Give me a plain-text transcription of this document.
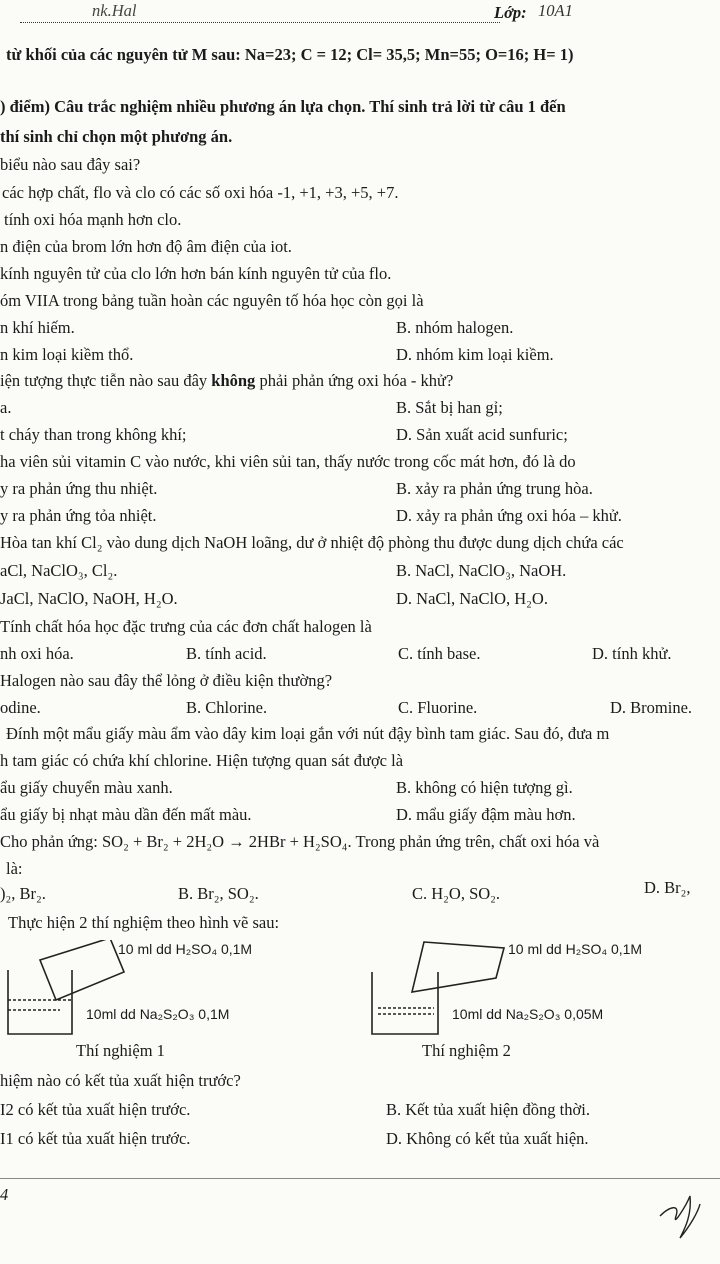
nk.Hal	Lớp: 10A1
từ khối của các nguyên tử M sau: Na=23; C = 12; Cl= 35,5; Mn=55; O=16; H= 1)
) điểm) Câu trắc nghiệm nhiều phương án lựa chọn. Thí sinh trả lời từ câu 1 đến
thí sinh chỉ chọn một phương án.
biểu nào sau đây sai?
các hợp chất, flo và clo có các số oxi hóa -1, +1, +3, +5, +7.
tính oxi hóa mạnh hơn clo.
n điện của brom lớn hơn độ âm điện của iot.
kính nguyên tử của clo lớn hơn bán kính nguyên tử của flo.
óm VIIA trong bảng tuần hoàn các nguyên tố hóa học còn gọi là
n khí hiếm.	B. nhóm halogen.
n kim loại kiềm thổ.	D. nhóm kim loại kiềm.
iện tượng thực tiễn nào sau đây không phải phản ứng oxi hóa - khử?
a.	B. Sắt bị han gỉ;
t cháy than trong không khí;	D. Sản xuất acid sunfuric;
ha viên sủi vitamin C vào nước, khi viên sủi tan, thấy nước trong cốc mát hơn, đó là do
y ra phản ứng thu nhiệt.	B. xảy ra phản ứng trung hòa.
y ra phản ứng tỏa nhiệt.	D. xảy ra phản ứng oxi hóa – khử.
Hòa tan khí Cl₂ vào dung dịch NaOH loãng, dư ở nhiệt độ phòng thu được dung dịch chứa các
aCl, NaClO₃, Cl₂.	B. NaCl, NaClO₃, NaOH.
JaCl, NaClO, NaOH, H₂O.	D. NaCl, NaClO, H₂O.
Tính chất hóa học đặc trưng của các đơn chất halogen là
nh oxi hóa.	B. tính acid.	C. tính base.	D. tính khử.
Halogen nào sau đây thể lỏng ở điều kiện thường?
odine.	B. Chlorine.	C. Fluorine.	D. Bromine.
Đính một mẩu giấy màu ẩm vào dây kim loại gắn với nút đậy bình tam giác. Sau đó, đưa m
h tam giác có chứa khí chlorine. Hiện tượng quan sát được là
ẩu giấy chuyển màu xanh.	B. không có hiện tượng gì.
ẩu giấy bị nhạt màu dần đến mất màu.	D. mẩu giấy đậm màu hơn.
Cho phản ứng: SO₂ + Br₂ + 2H₂O → 2HBr + H₂SO₄. Trong phản ứng trên, chất oxi hóa và
là:
)₂, Br₂.	B. Br₂, SO₂.	C. H₂O, SO₂.	D. Br₂,
Thực hiện 2 thí nghiệm theo hình vẽ sau:
10 ml dd H₂SO₄ 0,1M
10ml dd Na₂S₂O₃ 0,1M
Thí nghiệm 1
10 ml dd H₂SO₄ 0,1M
10ml dd Na₂S₂O₃ 0,05M
Thí nghiệm 2
hiệm nào có kết tủa xuất hiện trước?
I2 có kết tủa xuất hiện trước.	B. Kết tủa xuất hiện đồng thời.
I1 có kết tủa xuất hiện trước.	D. Không có kết tủa xuất hiện.
4
